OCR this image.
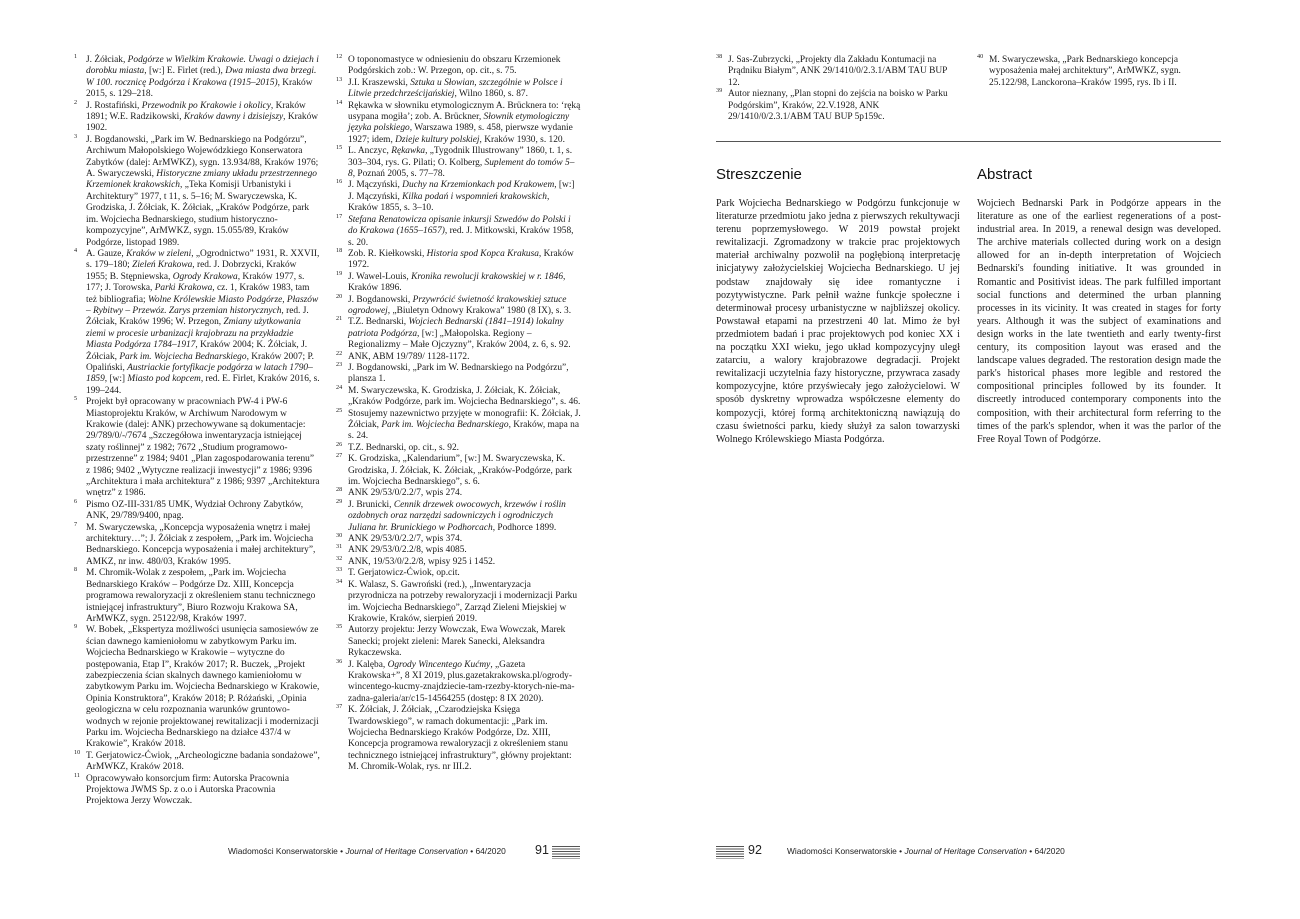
1 J. Żółciak, Podgórze w Wielkim Krakowie. Uwagi o dziejach i dorobku miasta, [w:] E. Firlet (red.), Dwa miasta dwa brzegi. W 100. rocznicę Podgórza i Krakowa (1915–2015), Kraków 2015, s. 129–218.

2 J. Rostafiński, Przewodnik po Krakowie i okolicy, Kraków 1891; W.E. Radzikowski, Kraków dawny i dzisiejszy, Kraków 1902.

3 J. Bogdanowski, „Park im W. Bednarskiego na Podgórzu”, Archiwum Małopolskiego Wojewódzkiego Konserwatora Zabytków (dalej: ArMWKZ), sygn. 13.934/88, Kraków 1976; A. Swaryczewski, Historyczne zmiany układu przestrzennego Krzemionek krakowskich, „Teka Komisji Urbanistyki i Architektury” 1977, t 11, s. 5–16; M. Swaryczewska, K. Grodziska, J. Żółciak, K. Żółciak, „Kraków Podgórze, park im. Wojciecha Bednarskiego, studium historyczno-kompozycyjne”, ArMWKZ, sygn. 15.055/89, Kraków Podgórze, listopad 1989.

4 A. Gauze, Kraków w zieleni, „Ogrodnictwo” 1931, R. XXVII, s. 179–180; Zieleń Krakowa, red. J. Dobrzycki, Kraków 1955; B. Stępniewska, Ogrody Krakowa, Kraków 1977, s. 177; J. Torowska, Parki Krakowa, cz. 1, Kraków 1983, tam też bibliografia; Wolne Królewskie Miasto Podgórze, Płaszów – Rybitwy – Przewóz. Zarys przemian historycznych, red. J. Żółciak, Kraków 1996; W. Przegon, Zmiany użytkowania ziemi w procesie urbanizacji krajobrazu na przykładzie Miasta Podgórza 1784–1917, Kraków 2004; K. Żółciak, J. Żółciak, Park im. Wojciecha Bednarskiego, Kraków 2007; P. Opaliński, Austriackie fortyfikacje podgórza w latach 1790–1859, [w:] Miasto pod kopcem, red. E. Firlet, Kraków 2016, s. 199–244.

5 Projekt był opracowany w pracowniach PW-4 i PW-6 Miastoprojektu Kraków, w Archiwum Narodowym w Krakowie (dalej: ANK) przechowywane są dokumentacje: 29/789/0/-/7674 „Szczegółowa inwentaryzacja istniejącej szaty roślinnej” z 1982; 7672 „Studium programowo-przestrzenne” z 1984; 9401 „Plan zagospodarowania terenu” z 1986; 9402 „Wytyczne realizacji inwestycji” z 1986; 9396 „Architektura i mała architektura” z 1986; 9397 „Architektura wnętrz” z 1986.

6 Pismo OZ-III-331/85 UMK, Wydział Ochrony Zabytków, ANK, 29/789/9400, npag.

7 M. Swaryczewska, „Koncepcja wyposażenia wnętrz i małej architektury…”; J. Żółciak z zespołem, „Park im. Wojciecha Bednarskiego. Koncepcja wyposażenia i małej architektury”, AMKZ, nr inw. 480/03, Kraków 1995.

8 M. Chromik-Wolak z zespołem, „Park im. Wojciecha Bednarskiego Kraków – Podgórze Dz. XIII, Koncepcja programowa rewaloryzacji z określeniem stanu technicznego istniejącej infrastruktury”, Biuro Rozwoju Krakowa SA, ArMWKZ, sygn. 25122/98, Kraków 1997.

9 W. Bobek, „Ekspertyza możliwości usunięcia samosiewów ze ścian dawnego kamieniołomu w zabytkowym Parku im. Wojciecha Bednarskiego w Krakowie – wytyczne do postępowania, Etap I”, Kraków 2017; R. Buczek, „Projekt zabezpieczenia ścian skalnych dawnego kamieniołomu w zabytkowym Parku im. Wojciecha Bednarskiego w Krakowie, Opinia Konstruktora”, Kraków 2018; P. Różański, „Opinia geologiczna w celu rozpoznania warunków gruntowo-wodnych w rejonie projektowanej rewitalizacji i modernizacji Parku im. Wojciecha Bednarskiego na działce 437/4 w Krakowie”, Kraków 2018.

10 T. Gerjatowicz-Ćwiok, „Archeologiczne badania sondażowe”, ArMWKZ, Kraków 2018.

11 Opracowywało konsorcjum firm: Autorska Pracownia Projektowa JWMS Sp. z o.o i Autorska Pracownia Projektowa Jerzy Wowczak.

12 O toponomastyce w odniesieniu do obszaru Krzemionek Podgórskich zob.: W. Przegon, op. cit., s. 75.

13 J.I. Kraszewski, Sztuka u Słowian, szczególnie w Polsce i Litwie przedchrześcijańskiej, Wilno 1860, s. 87.

14 Rękawka w słowniku etymologicznym A. Brücknera to: ‘ręką usypana mogiła’; zob. A. Brückner, Słownik etymologiczny języka polskiego, Warszawa 1989, s. 458, pierwsze wydanie 1927; idem, Dzieje kultury polskiej, Kraków 1930, s. 120.

15 L. Anczyc, Rękawka, „Tygodnik Illustrowany” 1860, t. 1, s. 303–304, rys. G. Pilati; O. Kolberg, Suplement do tomów 5–8, Poznań 2005, s. 77–78.

16 J. Mączyński, Duchy na Krzemionkach pod Krakowem, [w:] J. Mączyński, Kilka podań i wspomnień krakowskich, Kraków 1855, s. 3–10.

17 Stefana Renatowicza opisanie inkursji Szwedów do Polski i do Krakowa (1655–1657), red. J. Mitkowski, Kraków 1958, s. 20.

18 Zob. R. Kiełkowski, Historia spod Kopca Krakusa, Kraków 1972.

19 J. Wawel-Louis, Kronika rewolucji krakowskiej w r. 1846, Kraków 1896.

20 J. Bogdanowski, Przywrócić świetność krakowskiej sztuce ogrodowej, „Biuletyn Odnowy Krakowa” 1980 (8 IX), s. 3.

21 T.Z. Bednarski, Wojciech Bednarski (1841–1914) lokalny patriota Podgórza, [w:] „Małopolska. Regiony – Regionalizmy – Małe Ojczyzny”, Kraków 2004, z. 6, s. 92.

22 ANK, ABM 19/789/ 1128-1172.

23 J. Bogdanowski, „Park im W. Bednarskiego na Podgórzu”, plansza 1.

24 M. Swaryczewska, K. Grodziska, J. Żółciak, K. Żółciak, „Kraków Podgórze, park im. Wojciecha Bednarskiego”, s. 46.

25 Stosujemy nazewnictwo przyjęte w monografii: K. Żółciak, J. Żółciak, Park im. Wojciecha Bednarskiego, Kraków, mapa na s. 24.

26 T.Z. Bednarski, op. cit., s. 92.

27 K. Grodziska, „Kalendarium”, [w:] M. Swaryczewska, K. Grodziska, J. Żółciak, K. Żółciak, „Kraków-Podgórze, park im. Wojciecha Bednarskiego”, s. 6.

28 ANK 29/53/0/2.2/7, wpis 274.

29 J. Brunicki, Cennik drzewek owocowych, krzewów i roślin ozdobnych oraz narzędzi sadowniczych i ogrodniczych Juliana hr. Brunickiego w Podhorcach, Podhorce 1899.

30 ANK 29/53/0/2.2/7, wpis 374.

31 ANK 29/53/0/2.2/8, wpis 4085.

32 ANK, 19/53/0/2.2/8, wpisy 925 i 1452.

33 T. Gerjatowicz-Ćwiok, op.cit.

34 K. Walasz, S. Gawroński (red.), „Inwentaryzacja przyrodnicza na potrzeby rewaloryzacji i modernizacji Parku im. Wojciecha Bednarskiego”, Zarząd Zieleni Miejskiej w Krakowie, Kraków, sierpień 2019.

35 Autorzy projektu: Jerzy Wowczak, Ewa Wowczak, Marek Sanecki; projekt zieleni: Marek Sanecki, Aleksandra Rykaczewska.

36 J. Kalęba, Ogrody Wincentego Kućmy, „Gazeta Krakowska+”, 8 XI 2019, plus.gazetakrakowska.pl/ogrody-wincentego-kucmy-znajdziecie-tam-rzezby-ktorych-nie-ma-zadna-galeria/ar/c15-14564255 (dostęp: 8 IX 2020).

37 K. Żółciak, J. Żółciak, „Czarodziejska Księga Twardowskiego”, w ramach dokumentacji: „Park im. Wojciecha Bednarskiego Kraków Podgórze, Dz. XIII, Koncepcja programowa rewaloryzacji z określeniem stanu technicznego istniejącej infrastruktury”, główny projektant: M. Chromik-Wolak, rys. nr III.2.

Wiadomości Konserwatorskie • Journal of Heritage Conservation • 64/2020 91

38 J. Sas-Zubrzycki, „Projekty dla Zakładu Kontumacji na Prądniku Białym”, ANK 29/1410/0/2.3.1/ABM TAU BUP 12.

39 Autor nieznany, „Plan stopni do zejścia na boisko w Parku Podgórskim”, Kraków, 22.V.1928, ANK 29/1410/0/2.3.1/ABM TAU BUP 5p159c.

40 M. Swaryczewska, „Park Bednarskiego koncepcja wyposażenia małej architektury”, ArMWKZ, sygn. 25.122/98, Lanckorona–Kraków 1995, rys. Ib i II.

Streszczenie

Park Wojciecha Bednarskiego w Podgórzu funkcjonuje w literaturze przedmiotu jako jedna z pierwszych rekultywacji terenu poprzemysłowego. W 2019 powstał projekt rewitalizacji. Zgromadzony w trakcie prac projektowych materiał archiwalny pozwolił na pogłębioną interpretację inicjatywy założycielskiej Wojciecha Bednarskiego. U jej podstaw znajdowały się idee romantyczne i pozytywistyczne. Park pełnił ważne funkcje społeczne i determinował procesy urbanistyczne w najbliższej okolicy. Powstawał etapami na przestrzeni 40 lat. Mimo że był przedmiotem badań i prac projektowych pod koniec XX i na początku XXI wieku, jego układ kompozycyjny uległ zatarciu, a walory krajobrazowe degradacji. Projekt rewitalizacji uczytelnia fazy historyczne, przywraca zasady kompozycyjne, które przyświecały jego założycielowi. W sposób dyskretny wprowadza współczesne elementy do kompozycji, której formą architektoniczną nawiązują do czasu świetności parku, kiedy służył za salon towarzyski Wolnego Królewskiego Miasta Podgórza.

Abstract

Wojciech Bednarski Park in Podgórze appears in the literature as one of the earliest regenerations of a post-industrial area. In 2019, a renewal design was developed. The archive materials collected during work on a design allowed for an in-depth interpretation of Wojciech Bednarski's founding initiative. It was grounded in Romantic and Positivist ideas. The park fulfilled important social functions and determined the urban planning processes in its vicinity. It was created in stages for forty years. Although it was the subject of examinations and design works in the late twentieth and early twenty-first century, its composition layout was erased and the landscape values degraded. The restoration design made the park's historical phases more legible and restored the compositional principles followed by its founder. It discreetly introduced contemporary components into the composition, with their architectural form referring to the times of the park's splendor, when it was the parlor of the Free Royal Town of Podgórze.

92	Wiadomości Konserwatorskie • Journal of Heritage Conservation • 64/2020
